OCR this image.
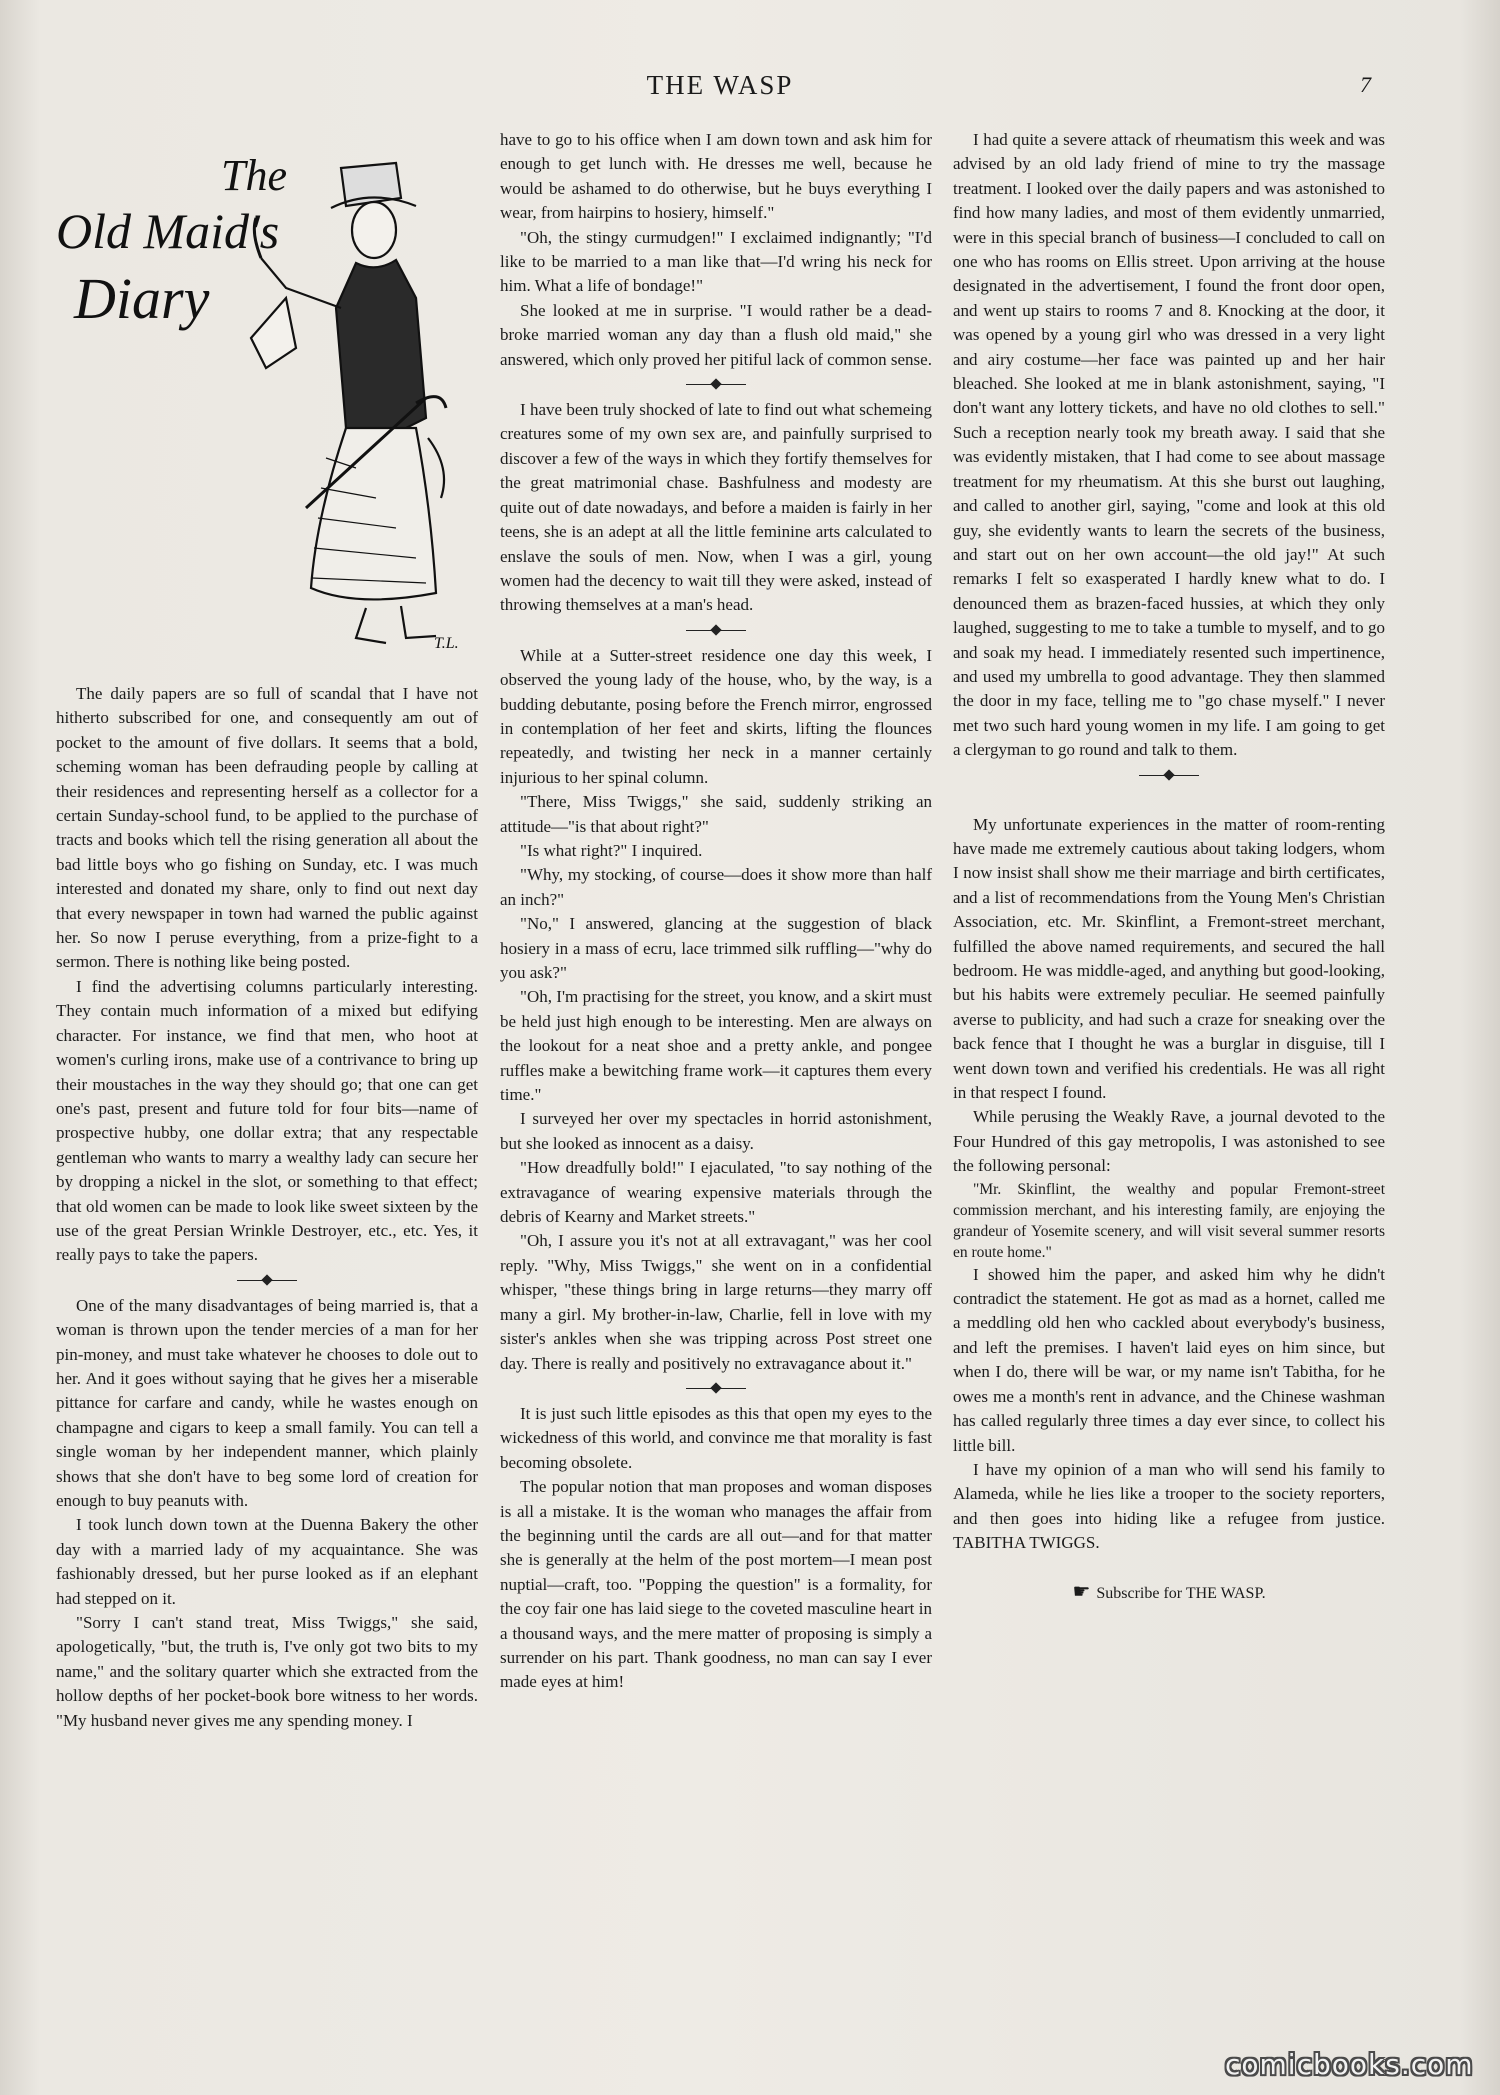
THE WASP	7
The
Old Maid's
Diary
T.L.

The daily papers are so full of scandal that I have not hitherto subscribed for one, and consequently am out of pocket to the amount of five dollars. It seems that a bold, scheming woman has been defrauding people by calling at their residences and representing herself as a collector for a certain Sunday-school fund, to be applied to the purchase of tracts and books which tell the rising generation all about the bad little boys who go fishing on Sunday, etc. I was much interested and donated my share, only to find out next day that every newspaper in town had warned the public against her. So now I peruse everything, from a prize-fight to a sermon. There is nothing like being posted.

I find the advertising columns particularly interesting. They contain much information of a mixed but edifying character. For instance, we find that men, who hoot at women's curling irons, make use of a contrivance to bring up their moustaches in the way they should go; that one can get one's past, present and future told for four bits—name of prospective hubby, one dollar extra; that any respectable gentleman who wants to marry a wealthy lady can secure her by dropping a nickel in the slot, or something to that effect; that old women can be made to look like sweet sixteen by the use of the great Persian Wrinkle Destroyer, etc., etc. Yes, it really pays to take the papers.

One of the many disadvantages of being married is, that a woman is thrown upon the tender mercies of a man for her pin-money, and must take whatever he chooses to dole out to her. And it goes without saying that he gives her a miserable pittance for carfare and candy, while he wastes enough on champagne and cigars to keep a small family. You can tell a single woman by her independent manner, which plainly shows that she don't have to beg some lord of creation for enough to buy peanuts with.

I took lunch down town at the Duenna Bakery the other day with a married lady of my acquaintance. She was fashionably dressed, but her purse looked as if an elephant had stepped on it.

"Sorry I can't stand treat, Miss Twiggs," she said, apologetically, "but, the truth is, I've only got two bits to my name," and the solitary quarter which she extracted from the hollow depths of her pocket-book bore witness to her words. "My husband never gives me any spending money. I

have to go to his office when I am down town and ask him for enough to get lunch with. He dresses me well, because he would be ashamed to do otherwise, but he buys everything I wear, from hairpins to hosiery, himself."

"Oh, the stingy curmudgen!" I exclaimed indignantly; "I'd like to be married to a man like that—I'd wring his neck for him. What a life of bondage!"

She looked at me in surprise. "I would rather be a dead-broke married woman any day than a flush old maid," she answered, which only proved her pitiful lack of common sense.

I have been truly shocked of late to find out what schemeing creatures some of my own sex are, and painfully surprised to discover a few of the ways in which they fortify themselves for the great matrimonial chase. Bashfulness and modesty are quite out of date nowadays, and before a maiden is fairly in her teens, she is an adept at all the little feminine arts calculated to enslave the souls of men. Now, when I was a girl, young women had the decency to wait till they were asked, instead of throwing themselves at a man's head.

While at a Sutter-street residence one day this week, I observed the young lady of the house, who, by the way, is a budding debutante, posing before the French mirror, engrossed in contemplation of her feet and skirts, lifting the flounces repeatedly, and twisting her neck in a manner certainly injurious to her spinal column.

"There, Miss Twiggs," she said, suddenly striking an attitude—"is that about right?"

"Is what right?" I inquired.

"Why, my stocking, of course—does it show more than half an inch?"

"No," I answered, glancing at the suggestion of black hosiery in a mass of ecru, lace trimmed silk ruffling—"why do you ask?"

"Oh, I'm practising for the street, you know, and a skirt must be held just high enough to be interesting. Men are always on the lookout for a neat shoe and a pretty ankle, and pongee ruffles make a bewitching frame work—it captures them every time."

I surveyed her over my spectacles in horrid astonishment, but she looked as innocent as a daisy.

"How dreadfully bold!" I ejaculated, "to say nothing of the extravagance of wearing expensive materials through the debris of Kearny and Market streets."

"Oh, I assure you it's not at all extravagant," was her cool reply. "Why, Miss Twiggs," she went on in a confidential whisper, "these things bring in large returns—they marry off many a girl. My brother-in-law, Charlie, fell in love with my sister's ankles when she was tripping across Post street one day. There is really and positively no extravagance about it."

It is just such little episodes as this that open my eyes to the wickedness of this world, and convince me that morality is fast becoming obsolete.

The popular notion that man proposes and woman disposes is all a mistake. It is the woman who manages the affair from the beginning until the cards are all out—and for that matter she is generally at the helm of the post mortem—I mean post nuptial—craft, too. "Popping the question" is a formality, for the coy fair one has laid siege to the coveted masculine heart in a thousand ways, and the mere matter of proposing is simply a surrender on his part. Thank goodness, no man can say I ever made eyes at him!

I had quite a severe attack of rheumatism this week and was advised by an old lady friend of mine to try the massage treatment. I looked over the daily papers and was astonished to find how many ladies, and most of them evidently unmarried, were in this special branch of business—I concluded to call on one who has rooms on Ellis street. Upon arriving at the house designated in the advertisement, I found the front door open, and went up stairs to rooms 7 and 8. Knocking at the door, it was opened by a young girl who was dressed in a very light and airy costume—her face was painted up and her hair bleached. She looked at me in blank astonishment, saying, "I don't want any lottery tickets, and have no old clothes to sell." Such a reception nearly took my breath away. I said that she was evidently mistaken, that I had come to see about massage treatment for my rheumatism. At this she burst out laughing, and called to another girl, saying, "come and look at this old guy, she evidently wants to learn the secrets of the business, and start out on her own account—the old jay!" At such remarks I felt so exasperated I hardly knew what to do. I denounced them as brazen-faced hussies, at which they only laughed, suggesting to me to take a tumble to myself, and to go and soak my head. I immediately resented such impertinence, and used my umbrella to good advantage. They then slammed the door in my face, telling me to "go chase myself." I never met two such hard young women in my life. I am going to get a clergyman to go round and talk to them.

My unfortunate experiences in the matter of room-renting have made me extremely cautious about taking lodgers, whom I now insist shall show me their marriage and birth certificates, and a list of recommendations from the Young Men's Christian Association, etc. Mr. Skinflint, a Fremont-street merchant, fulfilled the above named requirements, and secured the hall bedroom. He was middle-aged, and anything but good-looking, but his habits were extremely peculiar. He seemed painfully averse to publicity, and had such a craze for sneaking over the back fence that I thought he was a burglar in disguise, till I went down town and verified his credentials. He was all right in that respect I found.

While perusing the Weakly Rave, a journal devoted to the Four Hundred of this gay metropolis, I was astonished to see the following personal:

"Mr. Skinflint, the wealthy and popular Fremont-street commission merchant, and his interesting family, are enjoying the grandeur of Yosemite scenery, and will visit several summer resorts en route home."

I showed him the paper, and asked him why he didn't contradict the statement. He got as mad as a hornet, called me a meddling old hen who cackled about everybody's business, and left the premises. I haven't laid eyes on him since, but when I do, there will be war, or my name isn't Tabitha, for he owes me a month's rent in advance, and the Chinese washman has called regularly three times a day ever since, to collect his little bill.

I have my opinion of a man who will send his family to Alameda, while he lies like a trooper to the society reporters, and then goes into hiding like a refugee from justice. TABITHA TWIGGS.

☛ Subscribe for THE WASP.
comicbooks.com
